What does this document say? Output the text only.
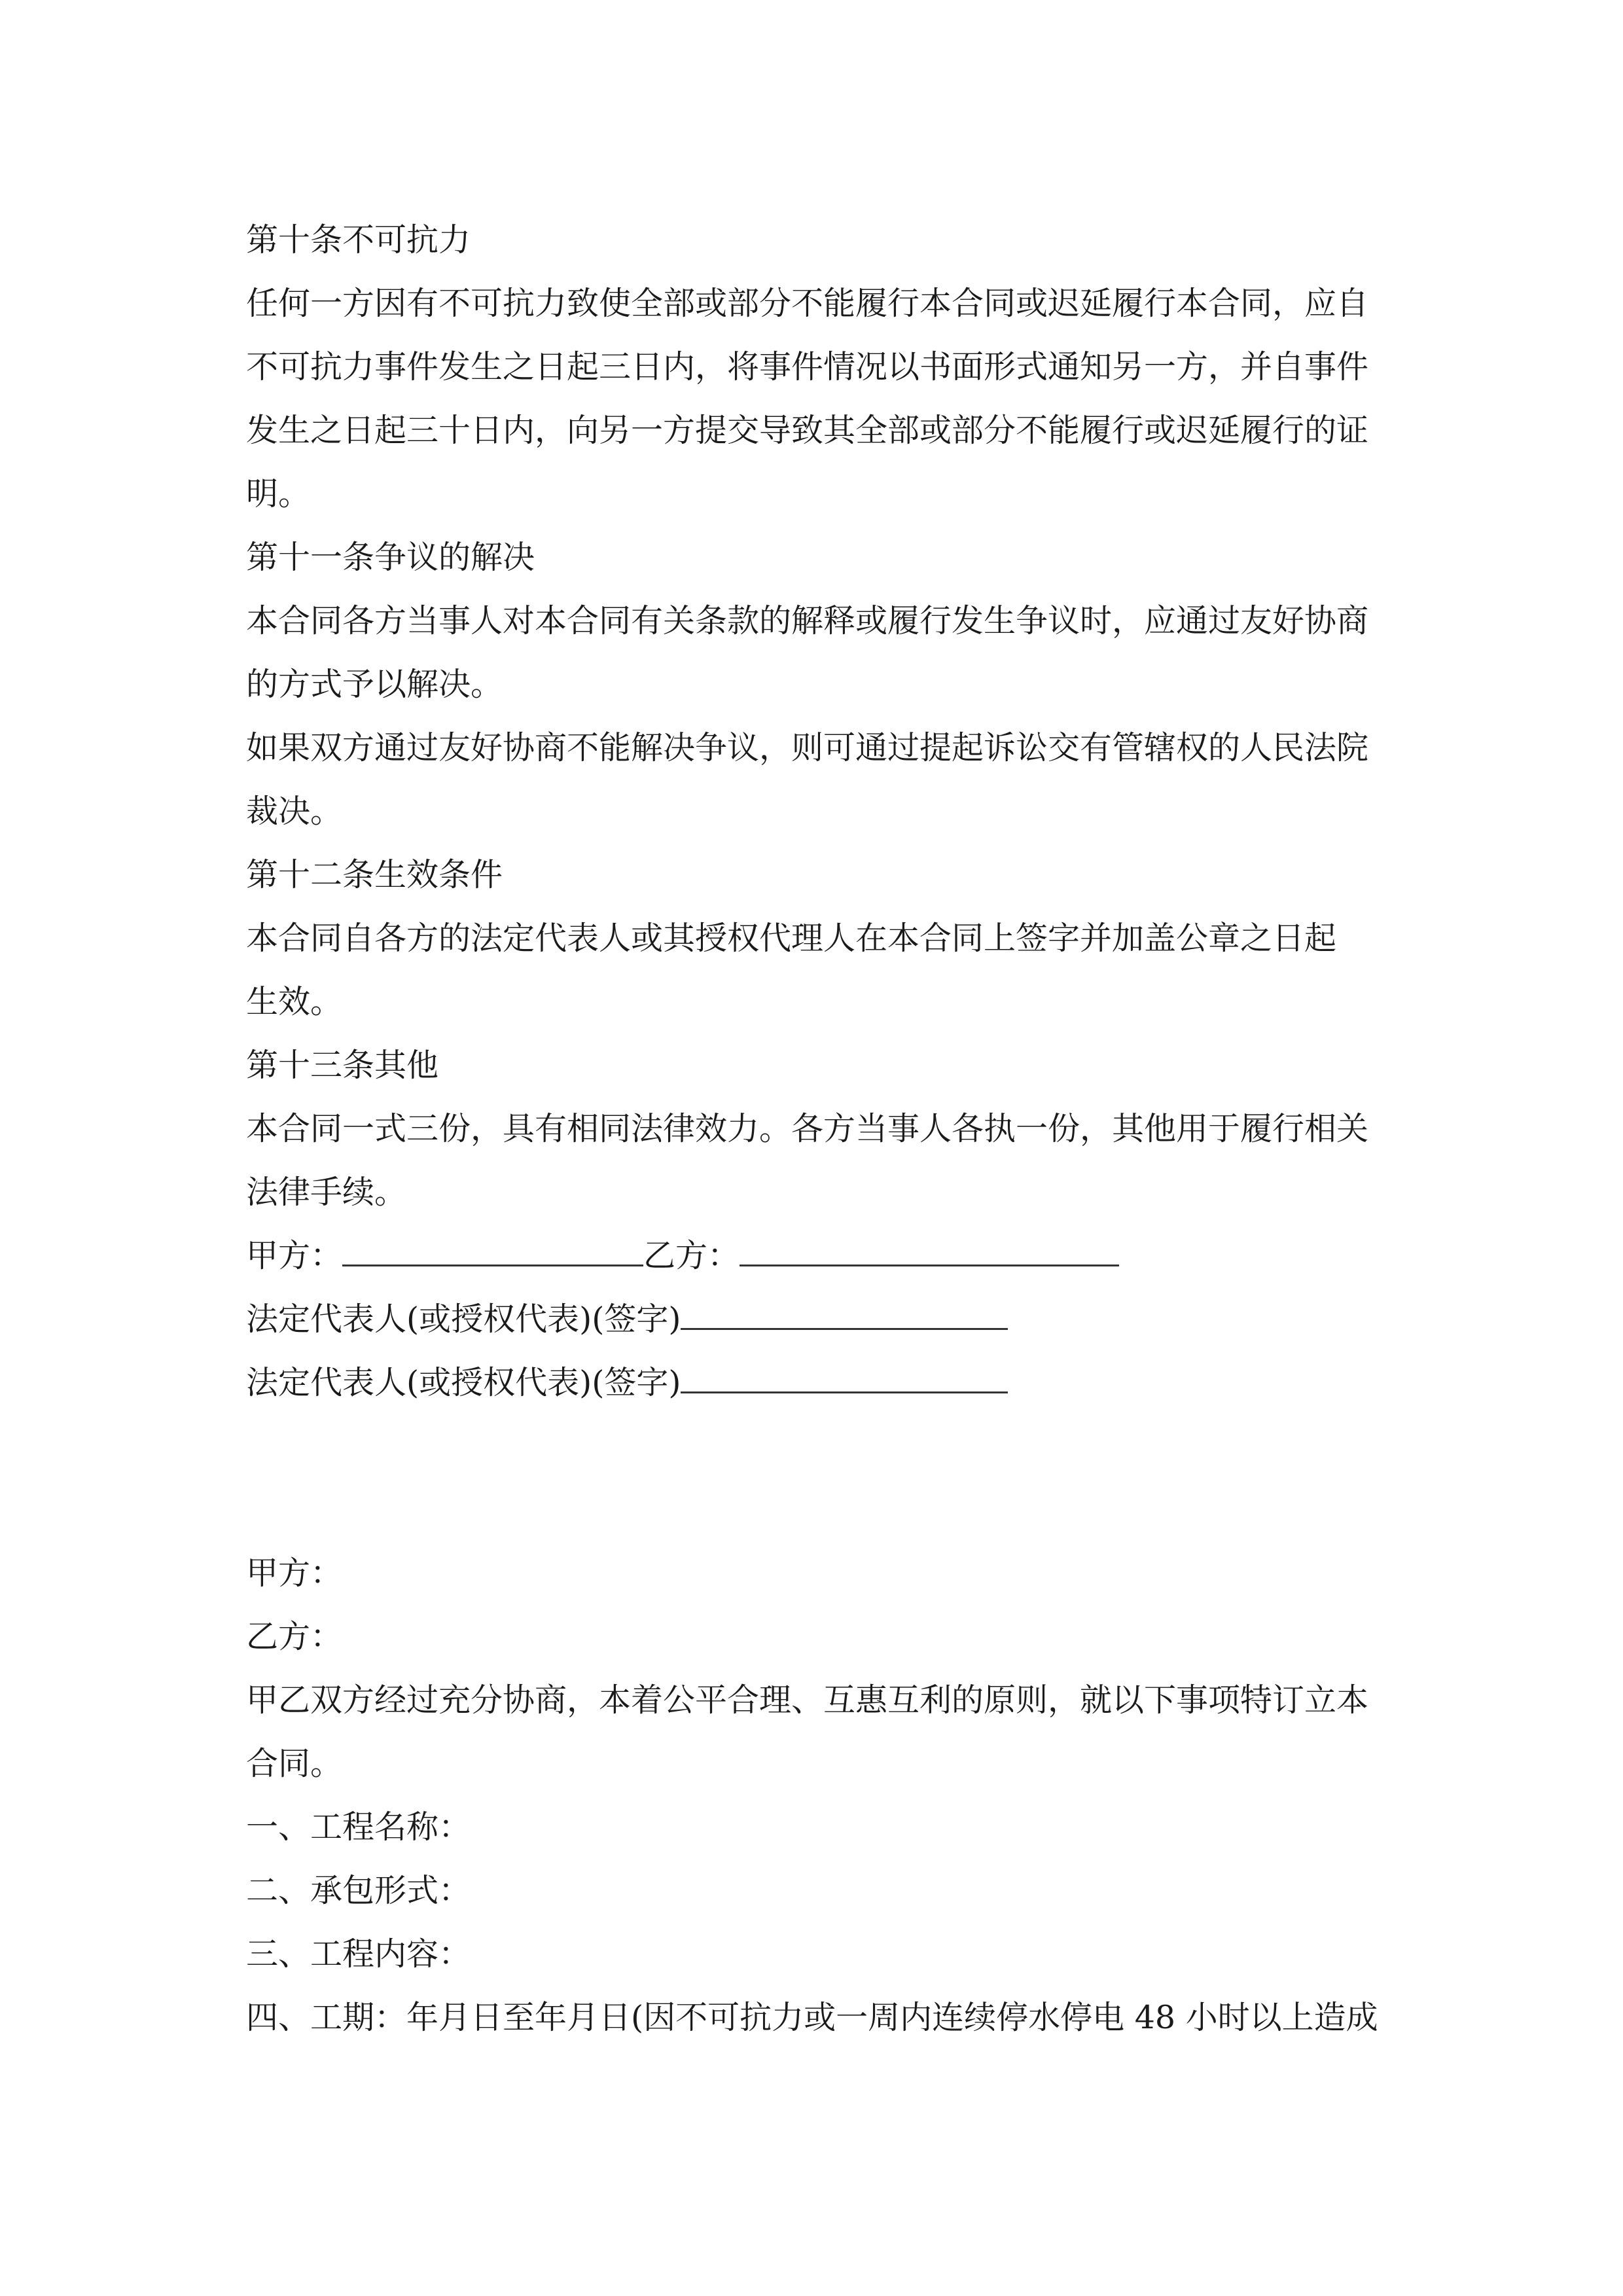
第十条不可抗力
任何一方因有不可抗力致使全部或部分不能履行本合同或迟延履行本合同，应自
不可抗力事件发生之日起三日内，将事件情况以书面形式通知另一方，并自事件
发生之日起三十日内，向另一方提交导致其全部或部分不能履行或迟延履行的证
明。
第十一条争议的解决
本合同各方当事人对本合同有关条款的解释或履行发生争议时，应通过友好协商
的方式予以解决。
如果双方通过友好协商不能解决争议，则可通过提起诉讼交有管辖权的人民法院
裁决。
第十二条生效条件
本合同自各方的法定代表人或其授权代理人在本合同上签字并加盖公章之日起
生效。
第十三条其他
本合同一式三份，具有相同法律效力。各方当事人各执一份，其他用于履行相关
法律手续。
甲方：	乙方：
法定代表人(或授权代表)(签字)
法定代表人(或授权代表)(签字)
甲方：
乙方：
甲乙双方经过充分协商，本着公平合理、互惠互利的原则，就以下事项特订立本
合同。
一、工程名称：
二、承包形式：
三、工程内容：
四、工期：年月日至年月日(因不可抗力或一周内连续停水停电 48 小时以上造成
